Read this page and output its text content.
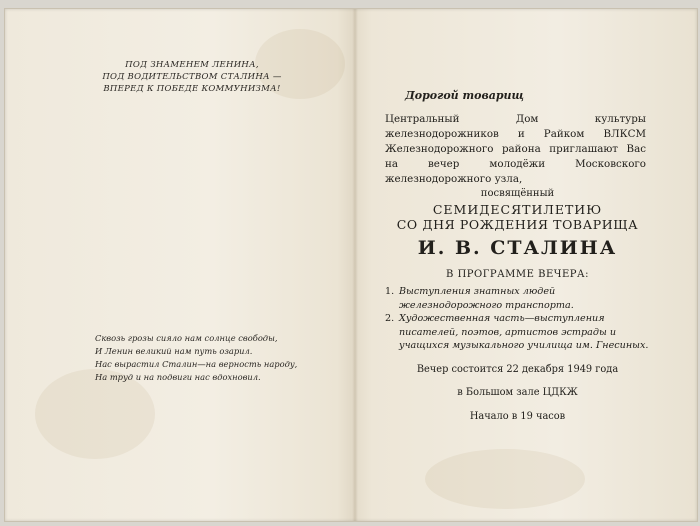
ПОД ЗНАМЕНЕМ ЛЕНИНА,
ПОД ВОДИТЕЛЬСТВОМ СТАЛИНА —
ВПЕРЕД К ПОБЕДЕ КОММУНИЗМА!
Сквозь грозы сияло нам солнце свободы,
И Ленин великий нам путь озарил.
Нас вырастил Сталин—на верность народу,
На труд и на подвиги нас вдохновил.
Дорогой товарищ
Центральный Дом культуры железнодорожников и Райком ВЛКСМ Железнодорожного района приглашают Вас на вечер молодёжи Московского железнодорожного узла,
посвящённый
СЕМИДЕСЯТИЛЕТИЮ
СО ДНЯ РОЖДЕНИЯ ТОВАРИЩА
И. В. СТАЛИНА
В ПРОГРАММЕ ВЕЧЕРА:
1. Выступления знатных людей железнодорожного транспорта.
2. Художественная часть—выступления писателей, поэтов, артистов эстрады и учащихся музыкального училища им. Гнесиных.
Вечер состоится 22 декабря 1949 года
в Большом зале ЦДКЖ
Начало в 19 часов
